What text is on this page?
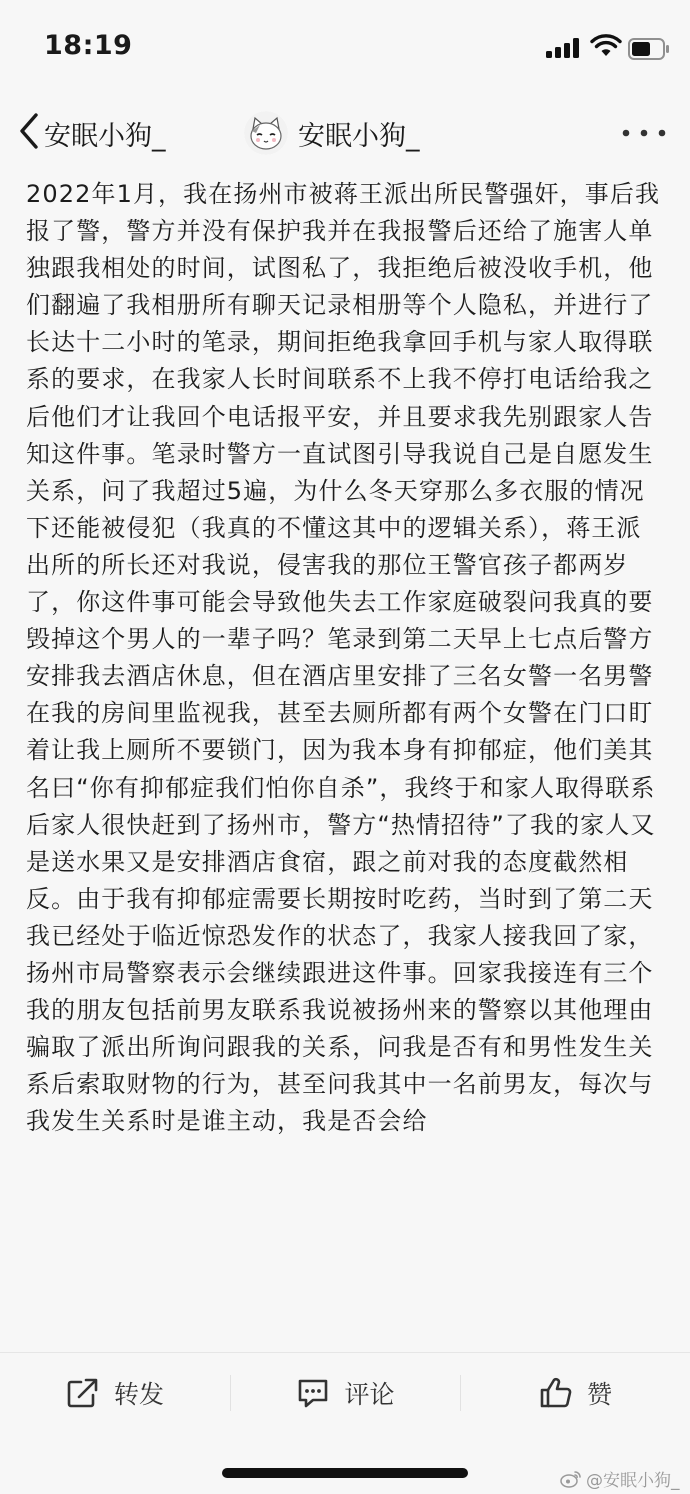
18:19
安眠小狗_	安眠小狗_

2022年1月，我在扬州市被蒋王派出所民警强奸，事后我报了警，警方并没有保护我并在我报警后还给了施害人单独跟我相处的时间，试图私了，我拒绝后被没收手机，他们翻遍了我相册所有聊天记录相册等个人隐私，并进行了长达十二小时的笔录，期间拒绝我拿回手机与家人取得联系的要求，在我家人长时间联系不上我不停打电话给我之后他们才让我回个电话报平安，并且要求我先别跟家人告知这件事。笔录时警方一直试图引导我说自己是自愿发生关系，问了我超过5遍，为什么冬天穿那么多衣服的情况下还能被侵犯（我真的不懂这其中的逻辑关系），蒋王派出所的所长还对我说，侵害我的那位王警官孩子都两岁了，你这件事可能会导致他失去工作家庭破裂问我真的要毁掉这个男人的一辈子吗？笔录到第二天早上七点后警方安排我去酒店休息，但在酒店里安排了三名女警一名男警在我的房间里监视我，甚至去厕所都有两个女警在门口盯着让我上厕所不要锁门，因为我本身有抑郁症，他们美其名曰“你有抑郁症我们怕你自杀”，我终于和家人取得联系后家人很快赶到了扬州市，警方“热情招待”了我的家人又是送水果又是安排酒店食宿，跟之前对我的态度截然相反。由于我有抑郁症需要长期按时吃药，当时到了第二天我已经处于临近惊恐发作的状态了，我家人接我回了家，扬州市局警察表示会继续跟进这件事。回家我接连有三个我的朋友包括前男友联系我说被扬州来的警察以其他理由骗取了派出所询问跟我的关系，问我是否有和男性发生关系后索取财物的行为，甚至问我其中一名前男友，每次与我发生关系时是谁主动，我是否会给

转发	评论	赞
@安眠小狗_
